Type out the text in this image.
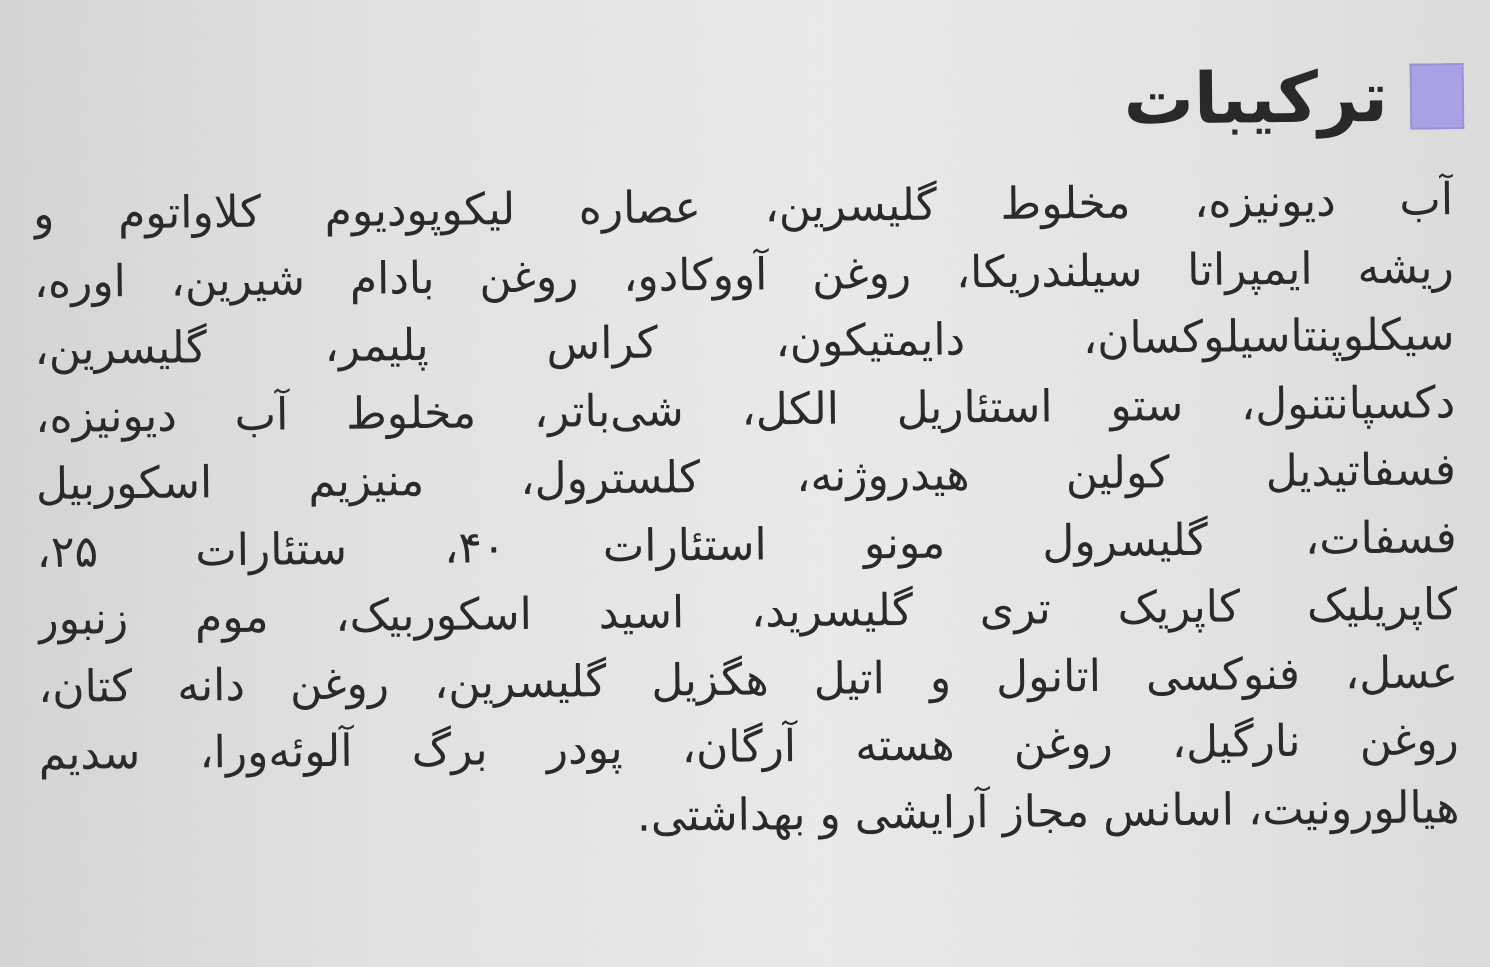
ترکیبات
آب دیونیزه، مخلوط گلیسرین، عصاره لیکوپودیوم کلاواتوم و
ریشه ایمپراتا سیلندریکا، روغن آووکادو، روغن بادام شیرین، اوره،
سیکلوپنتاسیلوکسان، دایمتیکون، کراس پلیمر، گلیسرین،
دکسپانتنول، ستو استئاریل الکل، شی‌باتر، مخلوط آب دیونیزه،
فسفاتیدیل کولین هیدروژنه، کلسترول، منیزیم اسکوربیل
فسفات، گلیسرول مونو استئارات ۴۰، ستئارات ۲۵،
کاپریلیک کاپریک تری گلیسرید، اسید اسکوربیک، موم زنبور
عسل، فنوکسی اتانول و اتیل هگزیل گلیسرین، روغن دانه کتان،
روغن نارگیل، روغن هسته آرگان، پودر برگ آلوئه‌ورا، سدیم
هیالورونیت، اسانس مجاز آرایشی و بهداشتی.
